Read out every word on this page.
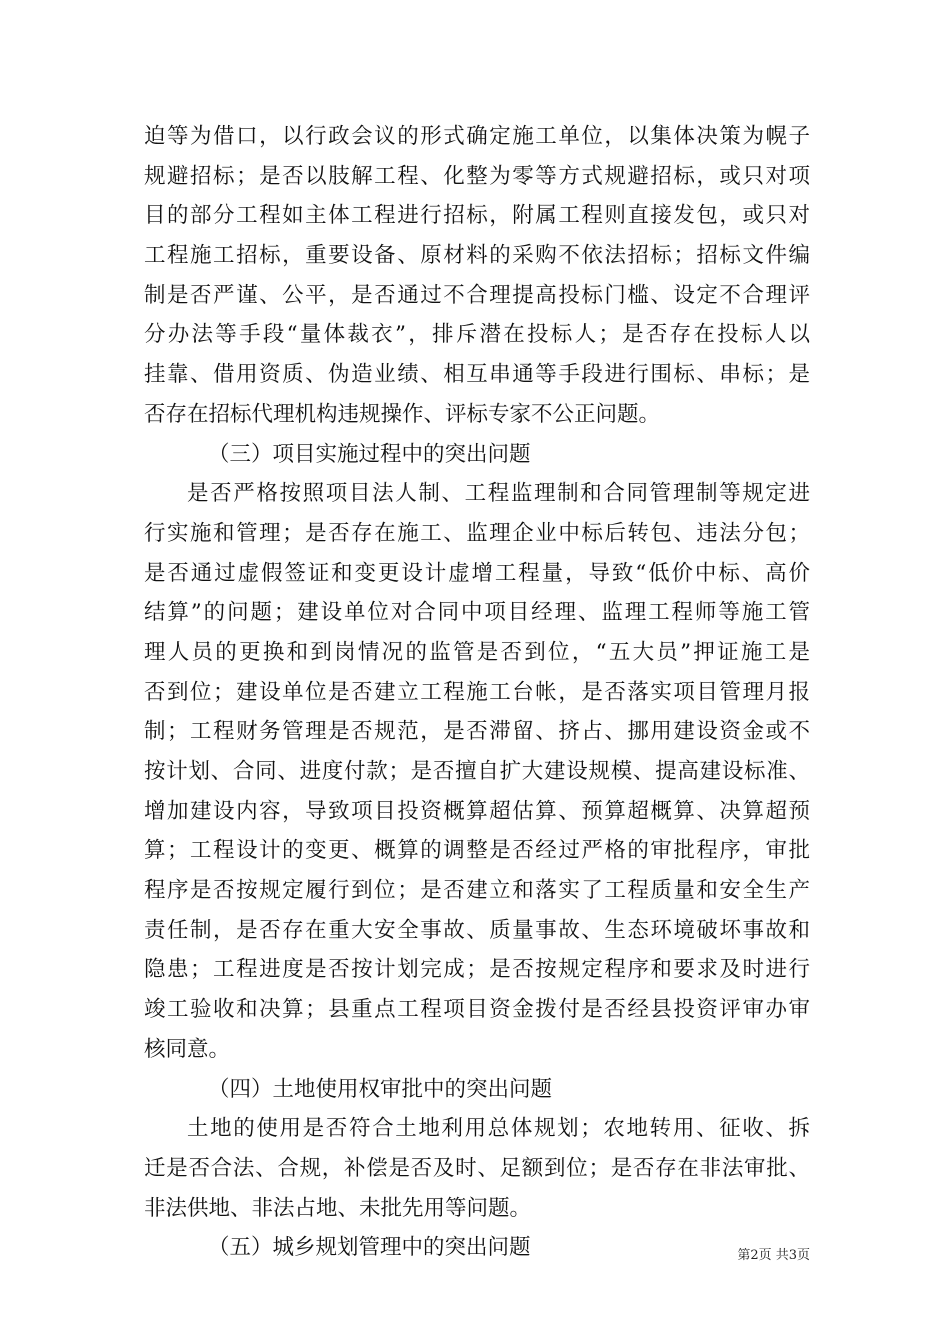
迫等为借口，以行政会议的形式确定施工单位，以集体决策为幌子
规避招标；是否以肢解工程、化整为零等方式规避招标，或只对项
目的部分工程如主体工程进行招标，附属工程则直接发包，或只对
工程施工招标，重要设备、原材料的采购不依法招标；招标文件编
制是否严谨、公平，是否通过不合理提高投标门槛、设定不合理评
分办法等手段“量体裁衣”，排斥潜在投标人；是否存在投标人以
挂靠、借用资质、伪造业绩、相互串通等手段进行围标、串标；是
否存在招标代理机构违规操作、评标专家不公正问题。
（三）项目实施过程中的突出问题
是否严格按照项目法人制、工程监理制和合同管理制等规定进
行实施和管理；是否存在施工、监理企业中标后转包、违法分包；
是否通过虚假签证和变更设计虚增工程量，导致“低价中标、高价
结算”的问题；建设单位对合同中项目经理、监理工程师等施工管
理人员的更换和到岗情况的监管是否到位，“五大员”押证施工是
否到位；建设单位是否建立工程施工台帐，是否落实项目管理月报
制；工程财务管理是否规范，是否滞留、挤占、挪用建设资金或不
按计划、合同、进度付款；是否擅自扩大建设规模、提高建设标准、
增加建设内容，导致项目投资概算超估算、预算超概算、决算超预
算；工程设计的变更、概算的调整是否经过严格的审批程序，审批
程序是否按规定履行到位；是否建立和落实了工程质量和安全生产
责任制，是否存在重大安全事故、质量事故、生态环境破坏事故和
隐患；工程进度是否按计划完成；是否按规定程序和要求及时进行
竣工验收和决算；县重点工程项目资金拨付是否经县投资评审办审
核同意。
（四）土地使用权审批中的突出问题
土地的使用是否符合土地利用总体规划；农地转用、征收、拆
迁是否合法、合规，补偿是否及时、足额到位；是否存在非法审批、
非法供地、非法占地、未批先用等问题。
（五）城乡规划管理中的突出问题	第2页 共3页
